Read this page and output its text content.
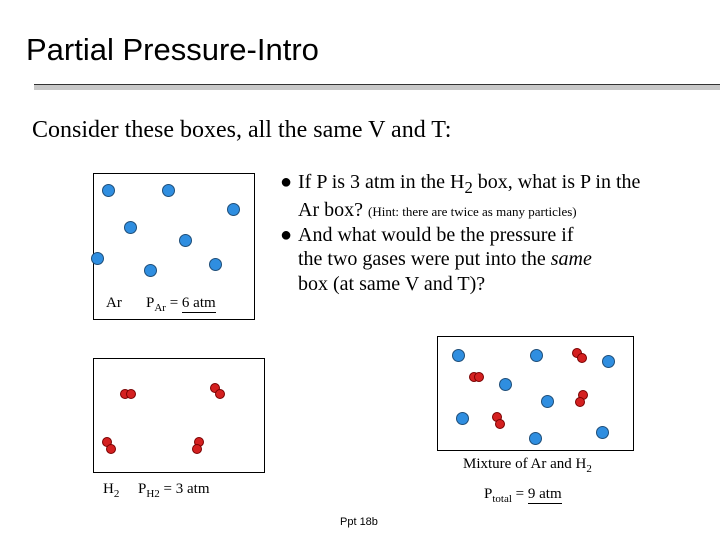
Partial Pressure-Intro
Consider these boxes, all the same V and T:
Ar $P_{Ar} = 6$ atm
$H_2$ $P_{H2} = 3$ atm
● If P is 3 atm in the $H_2$ box, what is P in the
Ar box? (Hint: there are twice as many particles)
● And what would be the pressure if
the two gases were put into the same
box (at same V and T)?
Mixture of Ar and $H_2$
$P_{total} = 9$ atm
Ppt 18b
